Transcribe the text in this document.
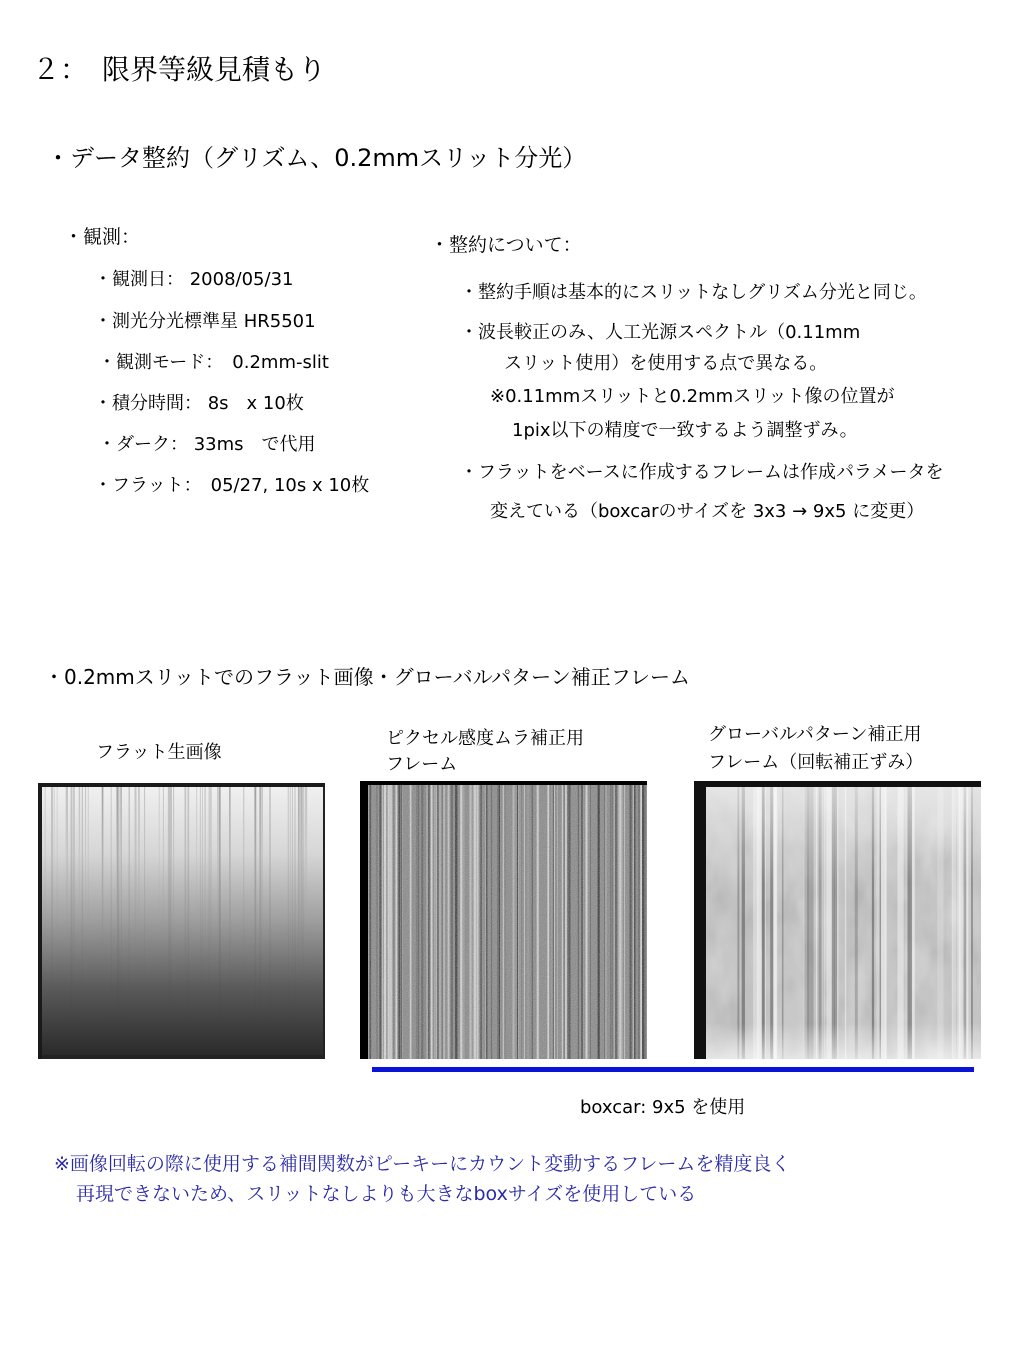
２：　限界等級見積もり
・データ整約（グリズム、0.2mmスリット分光）
・観測：
・観測日： 2008/05/31
・測光分光標準星 HR5501
・観測モード：　0.2mm-slit
・積分時間： 8s　x 10枚
・ダーク： 33ms　で代用
・フラット：　05/27, 10s x 10枚
・整約について：
・整約手順は基本的にスリットなしグリズム分光と同じ。
・波長較正のみ、人工光源スペクトル（0.11mm
スリット使用）を使用する点で異なる。
※0.11mmスリットと0.2mmスリット像の位置が
1pix以下の精度で一致するよう調整ずみ。
・フラットをベースに作成するフレームは作成パラメータを
変えている（boxcarのサイズを 3x3 → 9x5 に変更）
・0.2mmスリットでのフラット画像・グローバルパターン補正フレーム
フラット生画像
ピクセル感度ムラ補正用
フレーム
グローバルパターン補正用
フレーム（回転補正ずみ）
boxcar: 9x5 を使用
※画像回転の際に使用する補間関数がピーキーにカウント変動するフレームを精度良く
再現できないため、スリットなしよりも大きなboxサイズを使用している
